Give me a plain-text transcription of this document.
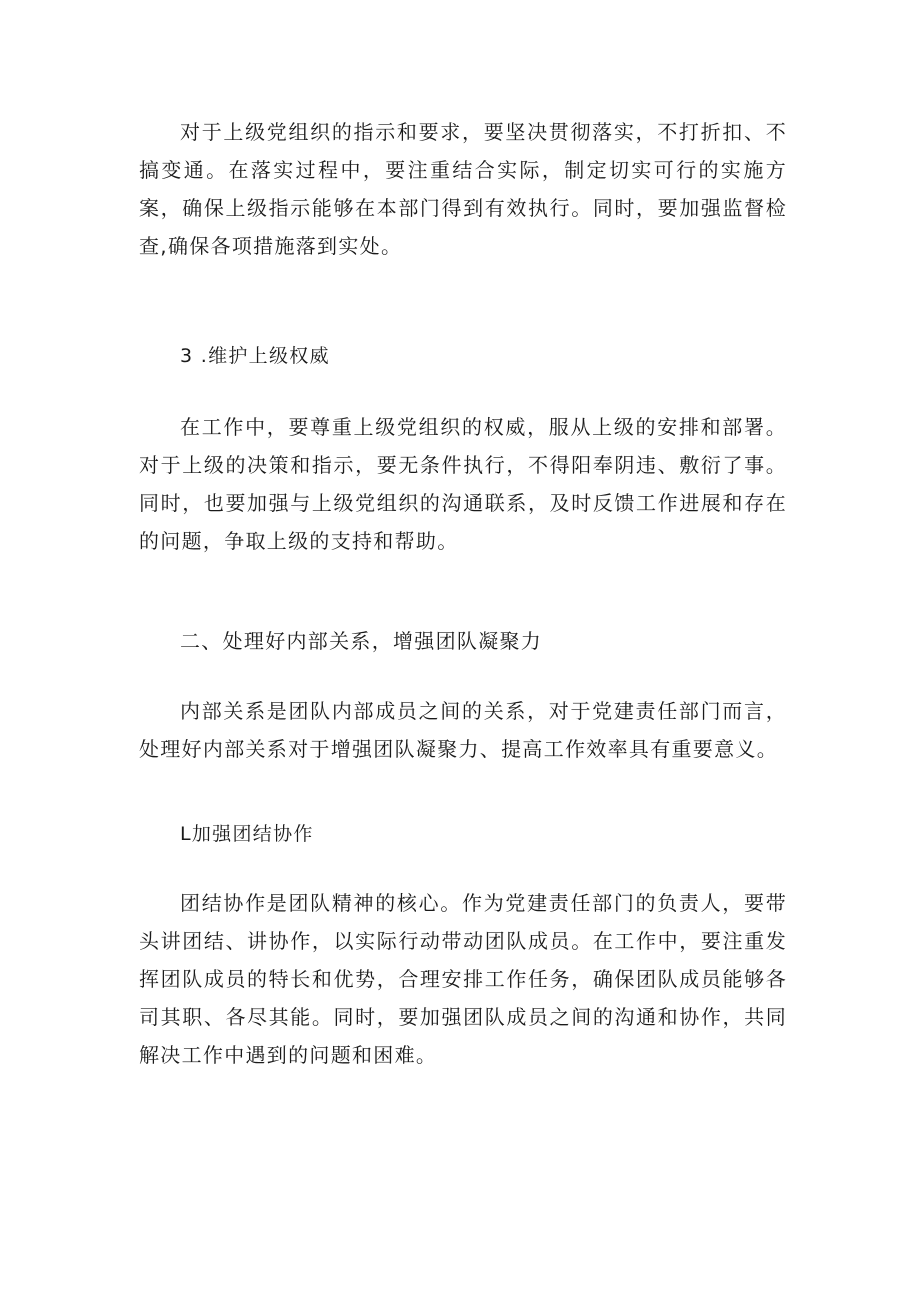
对于上级党组织的指示和要求，要坚决贯彻落实，不打折扣、不搞变通。在落实过程中，要注重结合实际，制定切实可行的实施方案，确保上级指示能够在本部门得到有效执行。同时，要加强监督检查,确保各项措施落到实处。

3 .维护上级权威

在工作中，要尊重上级党组织的权威，服从上级的安排和部署。对于上级的决策和指示，要无条件执行，不得阳奉阴违、敷衍了事。同时，也要加强与上级党组织的沟通联系，及时反馈工作进展和存在的问题，争取上级的支持和帮助。

二、处理好内部关系，增强团队凝聚力

内部关系是团队内部成员之间的关系，对于党建责任部门而言，处理好内部关系对于增强团队凝聚力、提高工作效率具有重要意义。

L加强团结协作

团结协作是团队精神的核心。作为党建责任部门的负责人，要带头讲团结、讲协作，以实际行动带动团队成员。在工作中，要注重发挥团队成员的特长和优势，合理安排工作任务，确保团队成员能够各司其职、各尽其能。同时，要加强团队成员之间的沟通和协作，共同解决工作中遇到的问题和困难。
